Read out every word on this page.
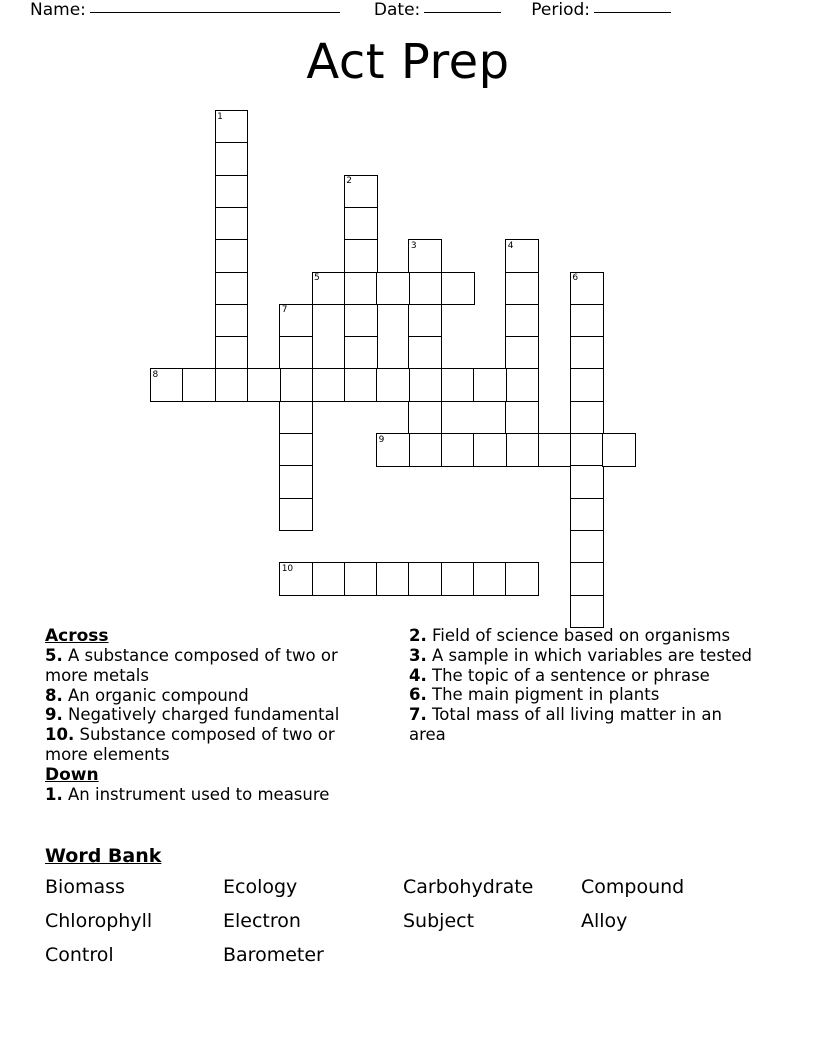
Name:	Date:	Period:
Act Prep
1
2
3	4
5	6
7
8
9
10
Across
5. A substance composed of two or more metals
8. An organic compound
9. Negatively charged fundamental
10. Substance composed of two or more elements
Down
1. An instrument used to measure
2. Field of science based on organisms
3. A sample in which variables are tested
4. The topic of a sentence or phrase
6. The main pigment in plants
7. Total mass of all living matter in an area
Word Bank
Biomass	Ecology	Carbohydrate	Compound
Chlorophyll	Electron	Subject	Alloy
Control	Barometer
